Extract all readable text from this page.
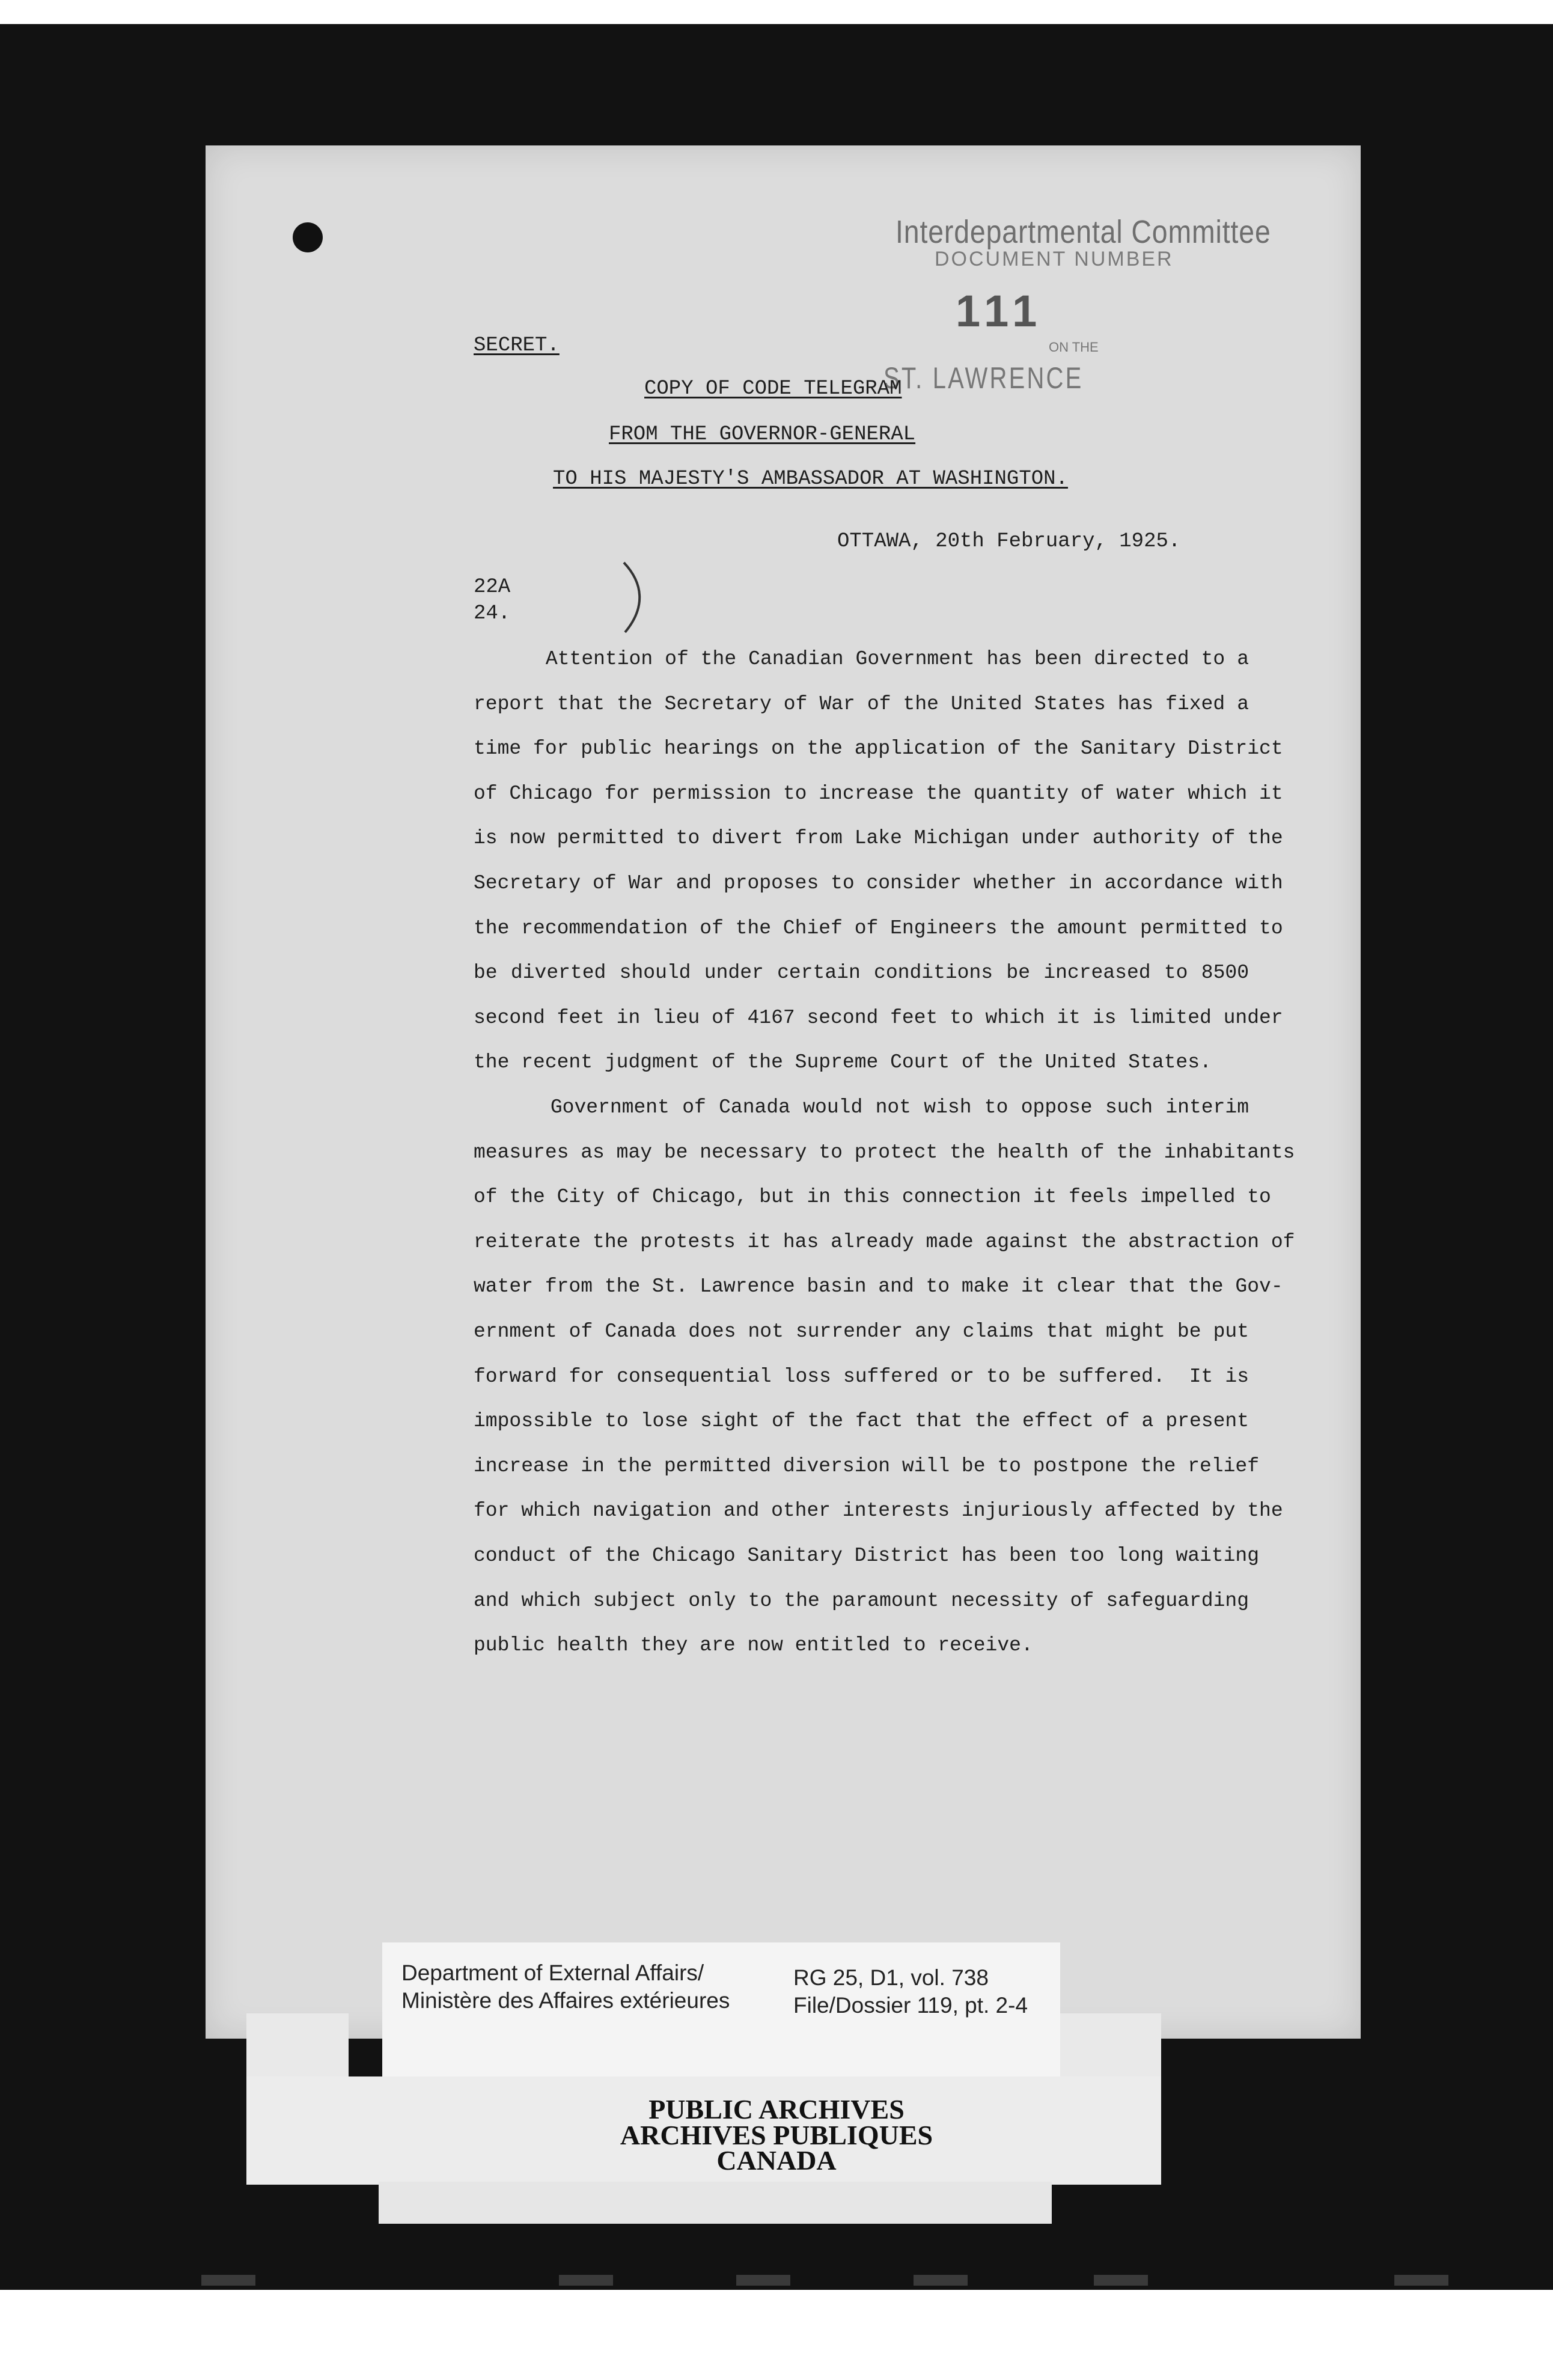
Interdepartmental Committee
DOCUMENT NUMBER
111
ON THE
ST. LAWRENCE
SECRET.
COPY OF CODE TELEGRAM
FROM THE GOVERNOR-GENERAL
TO HIS MAJESTY'S AMBASSADOR AT WASHINGTON.
OTTAWA, 20th February, 1925.
22A
24.
Attention of the Canadian Government has been directed to a
report that the Secretary of War of the United States has fixed a
time for public hearings on the application of the Sanitary District
of Chicago for permission to increase the quantity of water which it
is now permitted to divert from Lake Michigan under authority of the
Secretary of War and proposes to consider whether in accordance with
the recommendation of the Chief of Engineers the amount permitted to
be diverted should under certain conditions be increased to 8500
second feet in lieu of 4167 second feet to which it is limited under
the recent judgment of the Supreme Court of the United States.
Government of Canada would not wish to oppose such interim
measures as may be necessary to protect the health of the inhabitants
of the City of Chicago, but in this connection it feels impelled to
reiterate the protests it has already made against the abstraction of
water from the St. Lawrence basin and to make it clear that the Gov-
ernment of Canada does not surrender any claims that might be put
forward for consequential loss suffered or to be suffered.  It is
impossible to lose sight of the fact that the effect of a present
increase in the permitted diversion will be to postpone the relief
for which navigation and other interests injuriously affected by the
conduct of the Chicago Sanitary District has been too long waiting
and which subject only to the paramount necessity of safeguarding
public health they are now entitled to receive.
Department of External Affairs/
Ministère des Affaires extérieures
RG 25, D1, vol. 738
File/Dossier 119, pt. 2-4
PUBLIC ARCHIVES
ARCHIVES PUBLIQUES
CANADA
